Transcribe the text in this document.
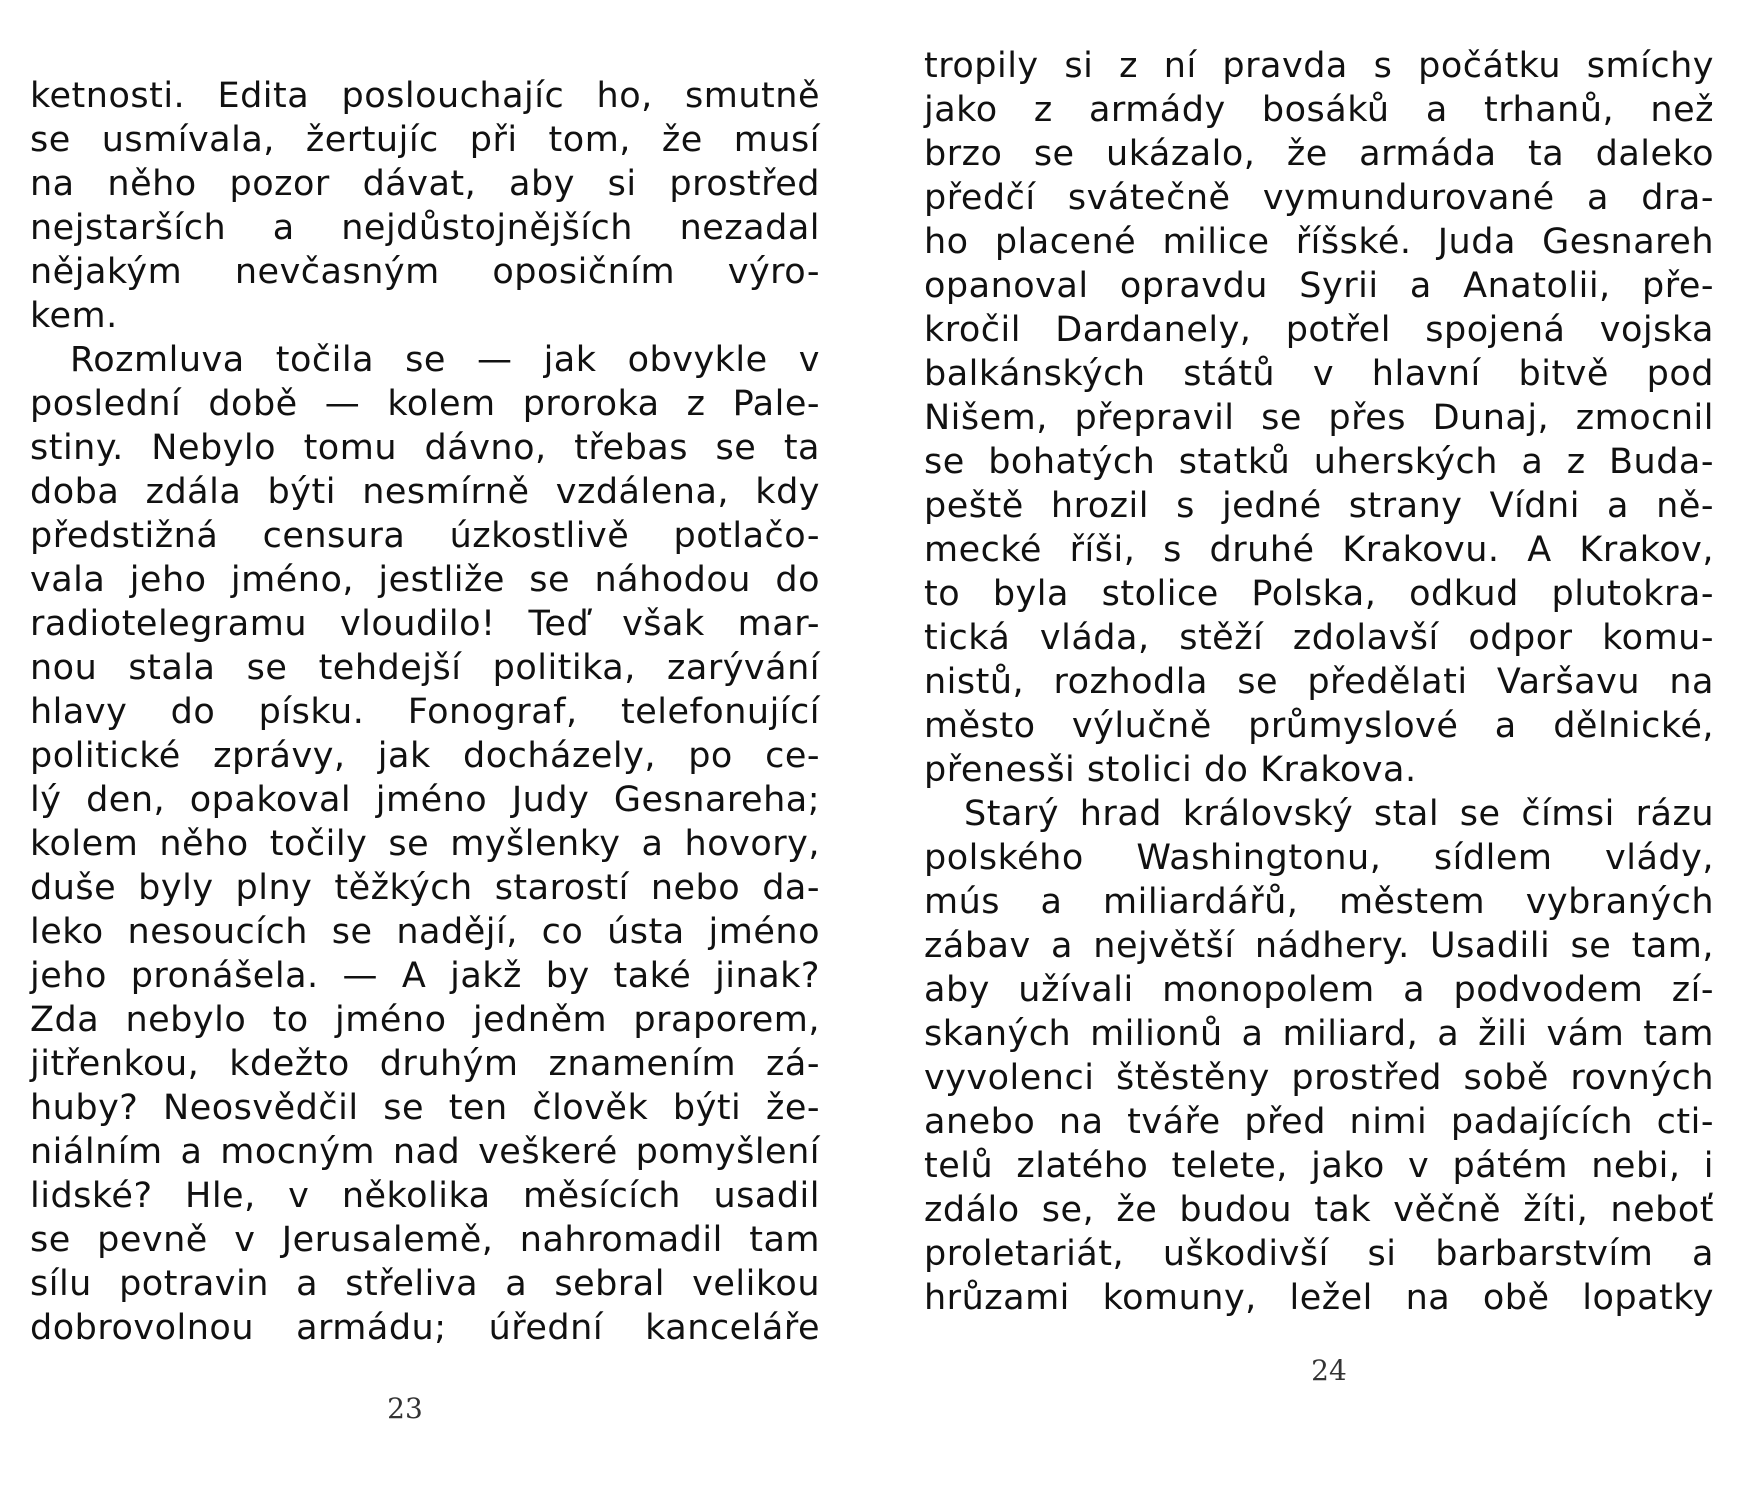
ketnosti. Edita poslouchajíc ho, smutně
se usmívala, žertujíc při tom, že musí
na něho pozor dávat, aby si prostřed
nejstarších a nejdůstojnějších nezadal
nějakým nevčasným oposičním výro-
kem.
Rozmluva točila se — jak obvykle v
poslední době — kolem proroka z Pale-
stiny. Nebylo tomu dávno, třebas se ta
doba zdála býti nesmírně vzdálena, kdy
předstižná censura úzkostlivě potlačo-
vala jeho jméno, jestliže se náhodou do
radiotelegramu vloudilo! Teď však mar-
nou stala se tehdejší politika, zarývání
hlavy do písku. Fonograf, telefonující
politické zprávy, jak docházely, po ce-
lý den, opakoval jméno Judy Gesnareha;
kolem něho točily se myšlenky a hovory,
duše byly plny těžkých starostí nebo da-
leko nesoucích se nadějí, co ústa jméno
jeho pronášela. — A jakž by také jinak?
Zda nebylo to jméno jedněm praporem,
jitřenkou, kdežto druhým znamením zá-
huby? Neosvědčil se ten člověk býti že-
niálním a mocným nad veškeré pomyšlení
lidské? Hle, v několika měsících usadil
se pevně v Jerusalemě, nahromadil tam
sílu potravin a střeliva a sebral velikou
dobrovolnou armádu; úřední kanceláře
23
tropily si z ní pravda s počátku smíchy
jako z armády bosáků a trhanů, než
brzo se ukázalo, že armáda ta daleko
předčí svátečně vymundurované a dra-
ho placené milice říšské. Juda Gesnareh
opanoval opravdu Syrii a Anatolii, pře-
kročil Dardanely, potřel spojená vojska
balkánských států v hlavní bitvě pod
Nišem, přepravil se přes Dunaj, zmocnil
se bohatých statků uherských a z Buda-
peště hrozil s jedné strany Vídni a ně-
mecké říši, s druhé Krakovu. A Krakov,
to byla stolice Polska, odkud plutokra-
tická vláda, stěží zdolavší odpor komu-
nistů, rozhodla se předělati Varšavu na
město výlučně průmyslové a dělnické,
přenesši stolici do Krakova.
Starý hrad královský stal se čímsi rázu
polského Washingtonu, sídlem vlády,
mús a miliardářů, městem vybraných
zábav a největší nádhery. Usadili se tam,
aby užívali monopolem a podvodem zí-
skaných milionů a miliard, a žili vám tam
vyvolenci štěstěny prostřed sobě rovných
anebo na tváře před nimi padajících cti-
telů zlatého telete, jako v pátém nebi, i
zdálo se, že budou tak věčně žíti, neboť
proletariát, uškodivší si barbarstvím a
hrůzami komuny, ležel na obě lopatky
24
